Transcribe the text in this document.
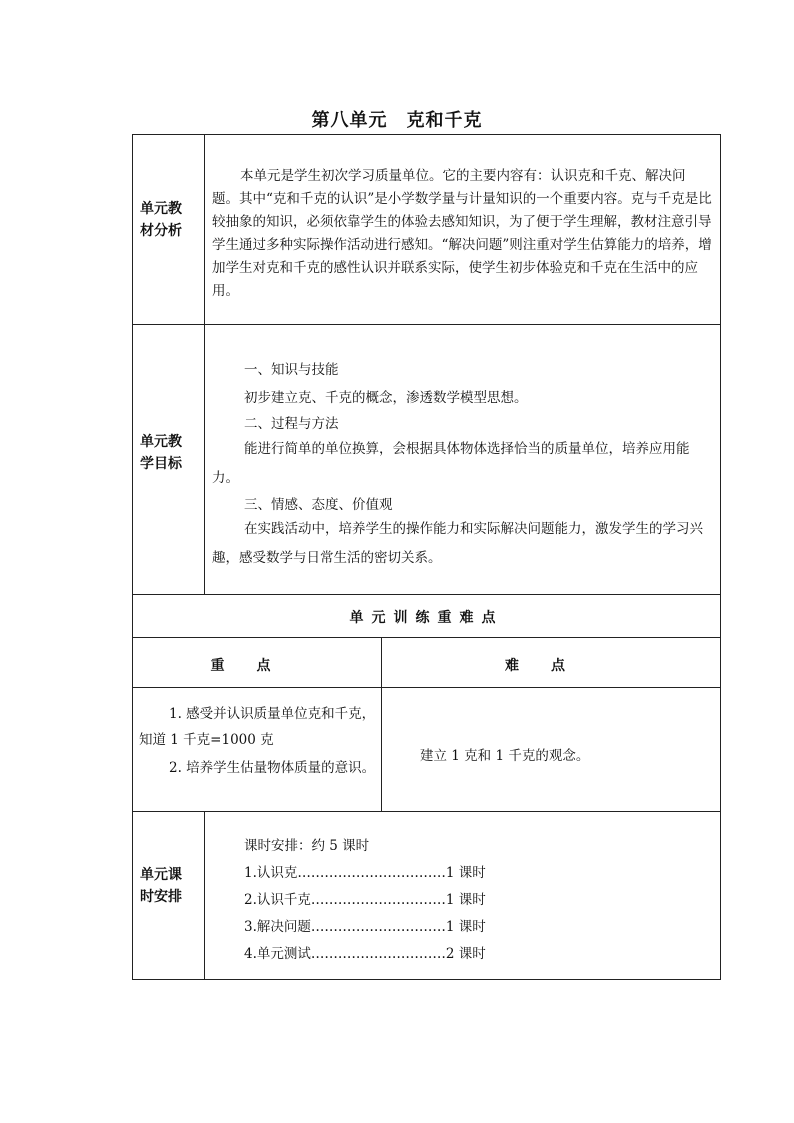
第八单元　克和千克
单元教材分析
本单元是学生初次学习质量单位。它的主要内容有：认识克和千克、解决问题。其中“克和千克的认识”是小学数学量与计量知识的一个重要内容。克与千克是比较抽象的知识，必须依靠学生的体验去感知知识，为了便于学生理解，教材注意引导学生通过多种实际操作活动进行感知。“解决问题”则注重对学生估算能力的培养，增加学生对克和千克的感性认识并联系实际，使学生初步体验克和千克在生活中的应用。
单元教学目标
一、知识与技能
初步建立克、千克的概念，渗透数学模型思想。
二、过程与方法
能进行简单的单位换算，会根据具体物体选择恰当的质量单位，培养应用能力。
三、情感、态度、价值观
在实践活动中，培养学生的操作能力和实际解决问题能力，激发学生的学习兴趣，感受数学与日常生活的密切关系。
单元训练重难点
重点	难点
1. 感受并认识质量单位克和千克，知道 1 千克=1000 克
2. 培养学生估量物体质量的意识。
建立 1 克和 1 千克的观念。
单元课时安排
课时安排：约 5 课时
1.认识克……………………………1 课时
2.认识千克…………………………1 课时
3.解决问题…………………………1 课时
4.单元测试…………………………2 课时
